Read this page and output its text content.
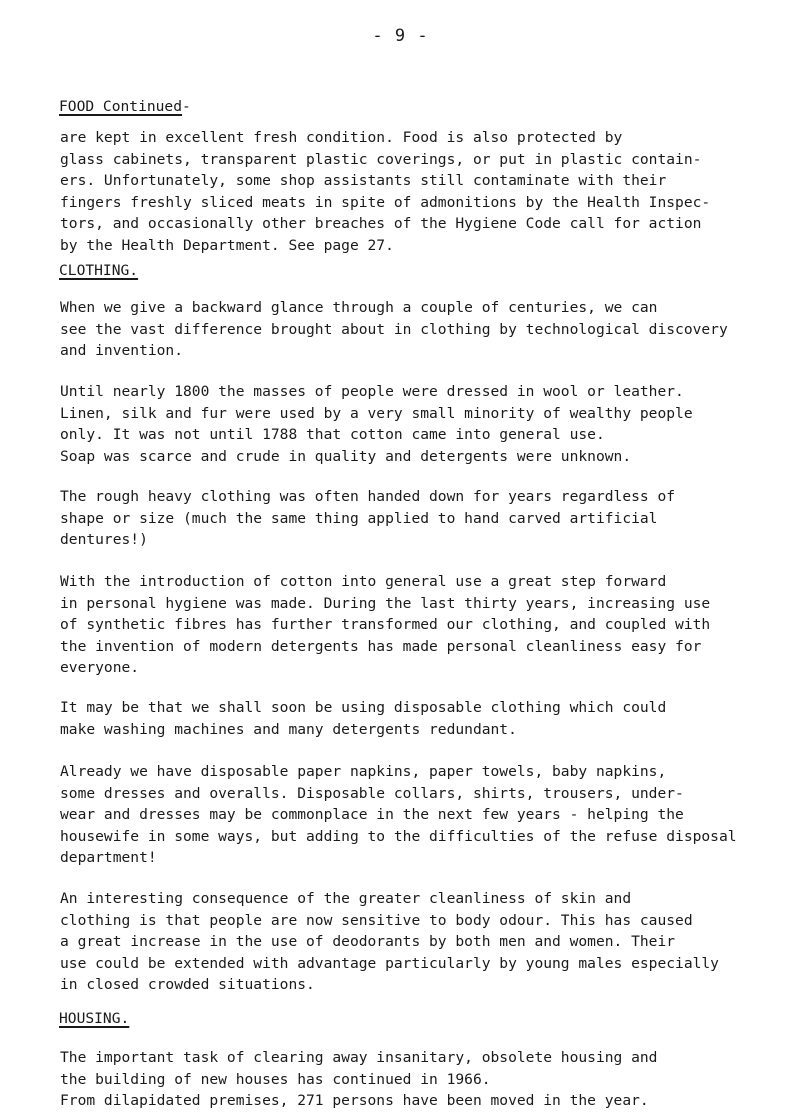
- 9 -
FOOD Continued-
are kept in excellent fresh condition. Food is also protected by
glass cabinets, transparent plastic coverings, or put in plastic contain-
ers. Unfortunately, some shop assistants still contaminate with their
fingers freshly sliced meats in spite of admonitions by the Health Inspec-
tors, and occasionally other breaches of the Hygiene Code call for action
by the Health Department. See page 27.
CLOTHING.
When we give a backward glance through a couple of centuries, we can
see the vast difference brought about in clothing by technological discovery
and invention.
Until nearly 1800 the masses of people were dressed in wool or leather.
Linen, silk and fur were used by a very small minority of wealthy people
only. It was not until 1788 that cotton came into general use.
Soap was scarce and crude in quality and detergents were unknown.
The rough heavy clothing was often handed down for years regardless of
shape or size (much the same thing applied to hand carved artificial
dentures!)
With the introduction of cotton into general use a great step forward
in personal hygiene was made. During the last thirty years, increasing use
of synthetic fibres has further transformed our clothing, and coupled with
the invention of modern detergents has made personal cleanliness easy for
everyone.
It may be that we shall soon be using disposable clothing which could
make washing machines and many detergents redundant.
Already we have disposable paper napkins, paper towels, baby napkins,
some dresses and overalls. Disposable collars, shirts, trousers, under-
wear and dresses may be commonplace in the next few years - helping the
housewife in some ways, but adding to the difficulties of the refuse disposal
department!
An interesting consequence of the greater cleanliness of skin and
clothing is that people are now sensitive to body odour. This has caused
a great increase in the use of deodorants by both men and women. Their
use could be extended with advantage particularly by young males especially
in closed crowded situations.
HOUSING.
The important task of clearing away insanitary, obsolete housing and
the building of new houses has continued in 1966.
From dilapidated premises, 271 persons have been moved in the year.
